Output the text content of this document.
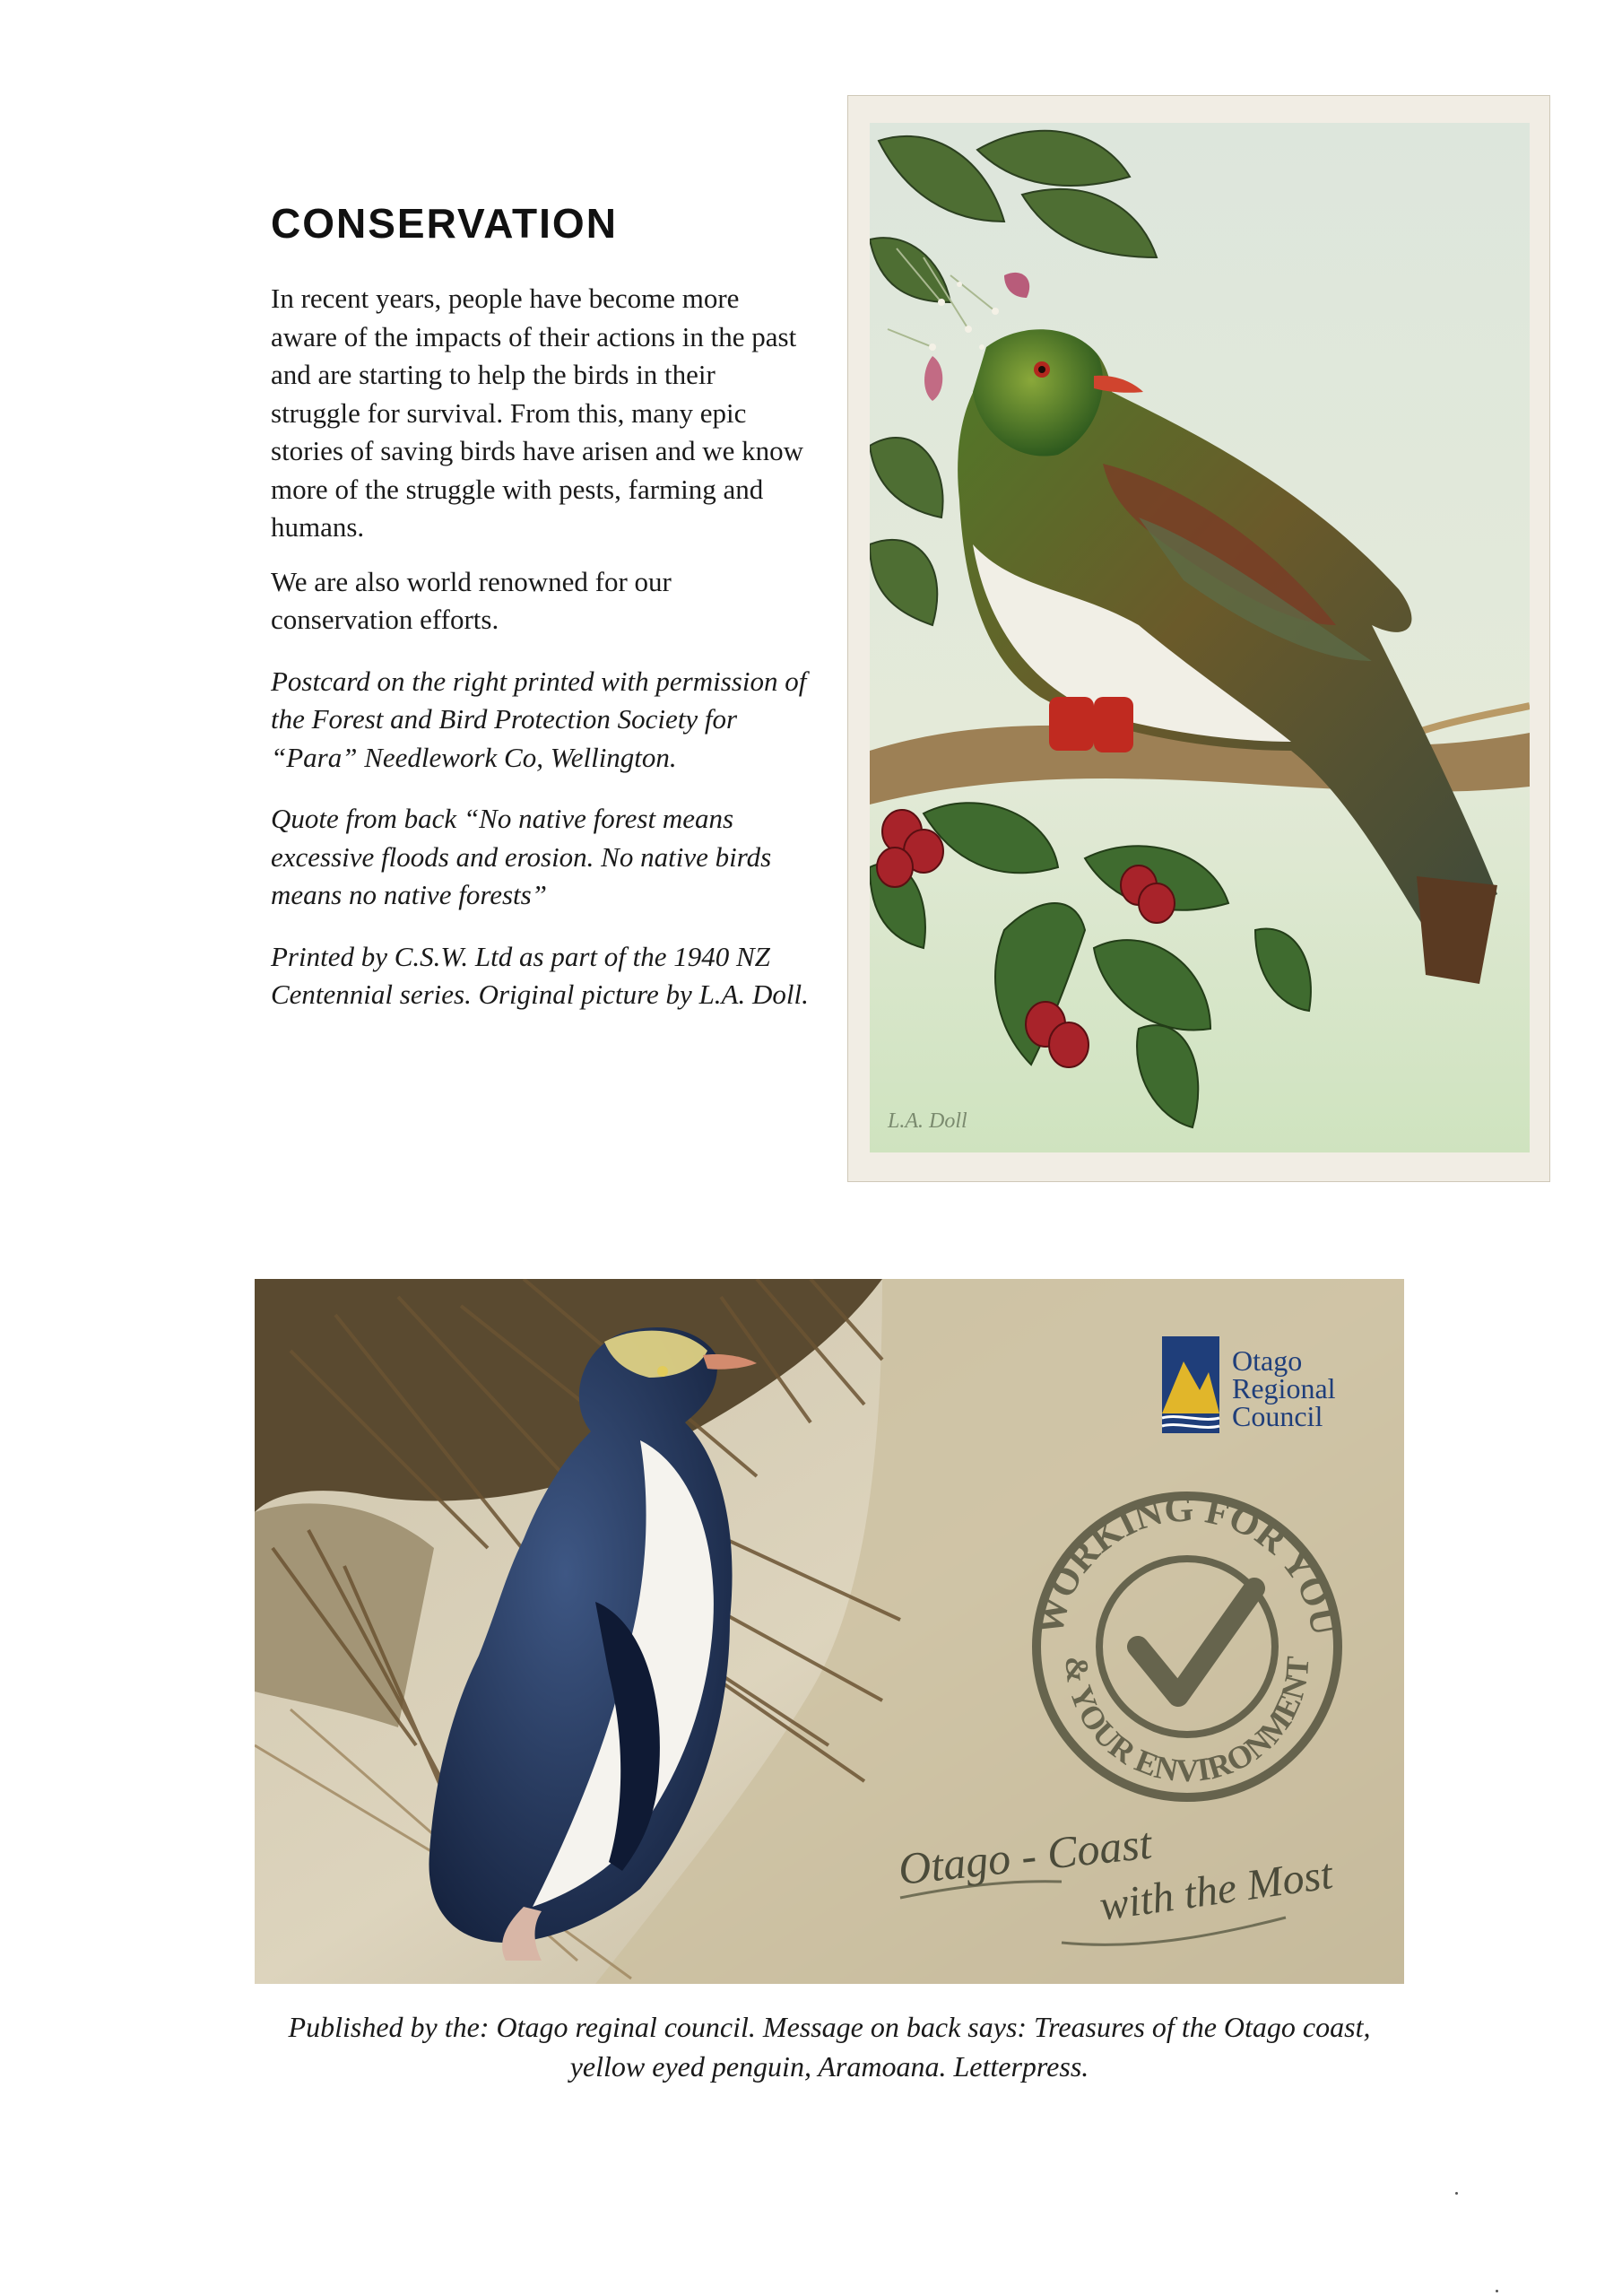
CONSERVATION

In recent years, people have become more aware of the impacts of their actions in the past and are starting to help the birds in their struggle for survival. From this, many epic stories of saving birds have arisen and we know more of the struggle with pests, farming and humans.

We are also world renowned for our conservation efforts.

Postcard on the right printed with permission of the Forest and Bird Protection Society for “Para” Needlework Co, Wellington.

Quote from back “No native forest means excessive floods and erosion. No native birds means no native forests”

Printed by C.S.W. Ltd as part of the 1940 NZ Centennial series. Original picture by L.A. Doll.

L.A. Doll
Otago
Regional
Council
WORKING FOR YOU
& YOUR ENVIRONMENT
Otago - Coast
with the Most

Published by the: Otago reginal council. Message on back says: Treasures of the Otago coast, yellow eyed penguin, Aramoana. Letterpress.
